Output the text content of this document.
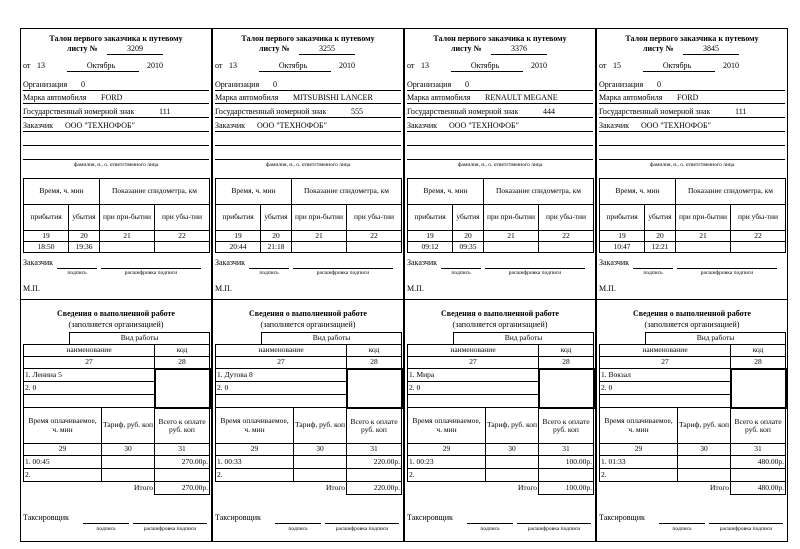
Талон первого заказчика к путевому
листу №	3209
от 13	Октябрь	2010
Организация 0
Марка автомобиля FORD
Государственный номерной знак	111
Заказчик ООО "ТЕХНОФОБ"
фамилия, и., о. ответственного лица
Время, ч. мин		Показание спидометра, км	
прибытия	убытия	при при-бытии	при убы-тии
19	20	21	22
18:50	19:36		
Заказчик
подпись	расшифровка подписи
М.П.
Сведения о выполненной работе
(заполняется организацией)
	Вид работы		
наименование			код
27			28
1. Ленина 5			
2. 0			

Время оплачиваемое, ч. мин		Тариф, руб. коп	Всего к оплате руб. коп
29		30	31
1. 00:45			270.00р.
2.			
		Итого	270.00р.
Таксировщик
подпись	расшифровка подписи
Талон первого заказчика к путевому
листу №	3255
от 13	Октябрь	2010
Организация 0
Марка автомобиля MITSUBISHI LANCER
Государственный номерной знак	555
Заказчик ООО "ТЕХНОФОБ"
фамилия, и., о. ответственного лица
Время, ч. мин		Показание спидометра, км	
прибытия	убытия	при при-бытии	при убы-тии
19	20	21	22
20:44	21:18		
Заказчик
подпись	расшифровка подписи
М.П.
Сведения о выполненной работе
(заполняется организацией)
	Вид работы		
наименование			код
27			28
1. Дутова 8			
2. 0			

Время оплачиваемое, ч. мин		Тариф, руб. коп	Всего к оплате руб. коп
29		30	31
1. 00:33			220.00р.
2.			
		Итого	220.00р.
Таксировщик
подпись	расшифровка подписи
Талон первого заказчика к путевому
листу №	3376
от 13	Октябрь	2010
Организация 0
Марка автомобиля RENAULT MEGANE
Государственный номерной знак	444
Заказчик ООО "ТЕХНОФОБ"
фамилия, и., о. ответственного лица
Время, ч. мин		Показание спидометра, км	
прибытия	убытия	при при-бытии	при убы-тии
19	20	21	22
09:12	09:35		
Заказчик
подпись	расшифровка подписи
М.П.
Сведения о выполненной работе
(заполняется организацией)
	Вид работы		
наименование			код
27			28
1. Мира			
2. 0			

Время оплачиваемое, ч. мин		Тариф, руб. коп	Всего к оплате руб. коп
29		30	31
1. 00:23			100.00р.
2.			
		Итого	100.00р.
Таксировщик
подпись	расшифровка подписи
Талон первого заказчика к путевому
листу №	3845
от 15	Октябрь	2010
Организация 0
Марка автомобиля FORD
Государственный номерной знак	111
Заказчик ООО "ТЕХНОФОБ"
фамилия, и., о. ответственного лица
Время, ч. мин		Показание спидометра, км	
прибытия	убытия	при при-бытии	при убы-тии
19	20	21	22
10:47	12:21		
Заказчик
подпись	расшифровка подписи
М.П.
Сведения о выполненной работе
(заполняется организацией)
	Вид работы		
наименование			код
27			28
1. Вокзал			
2. 0			

Время оплачиваемое, ч. мин		Тариф, руб. коп	Всего к оплате руб. коп
29		30	31
1. 01:33			480.00р.
2.			
		Итого	480.00р.
Таксировщик
подпись	расшифровка подписи
